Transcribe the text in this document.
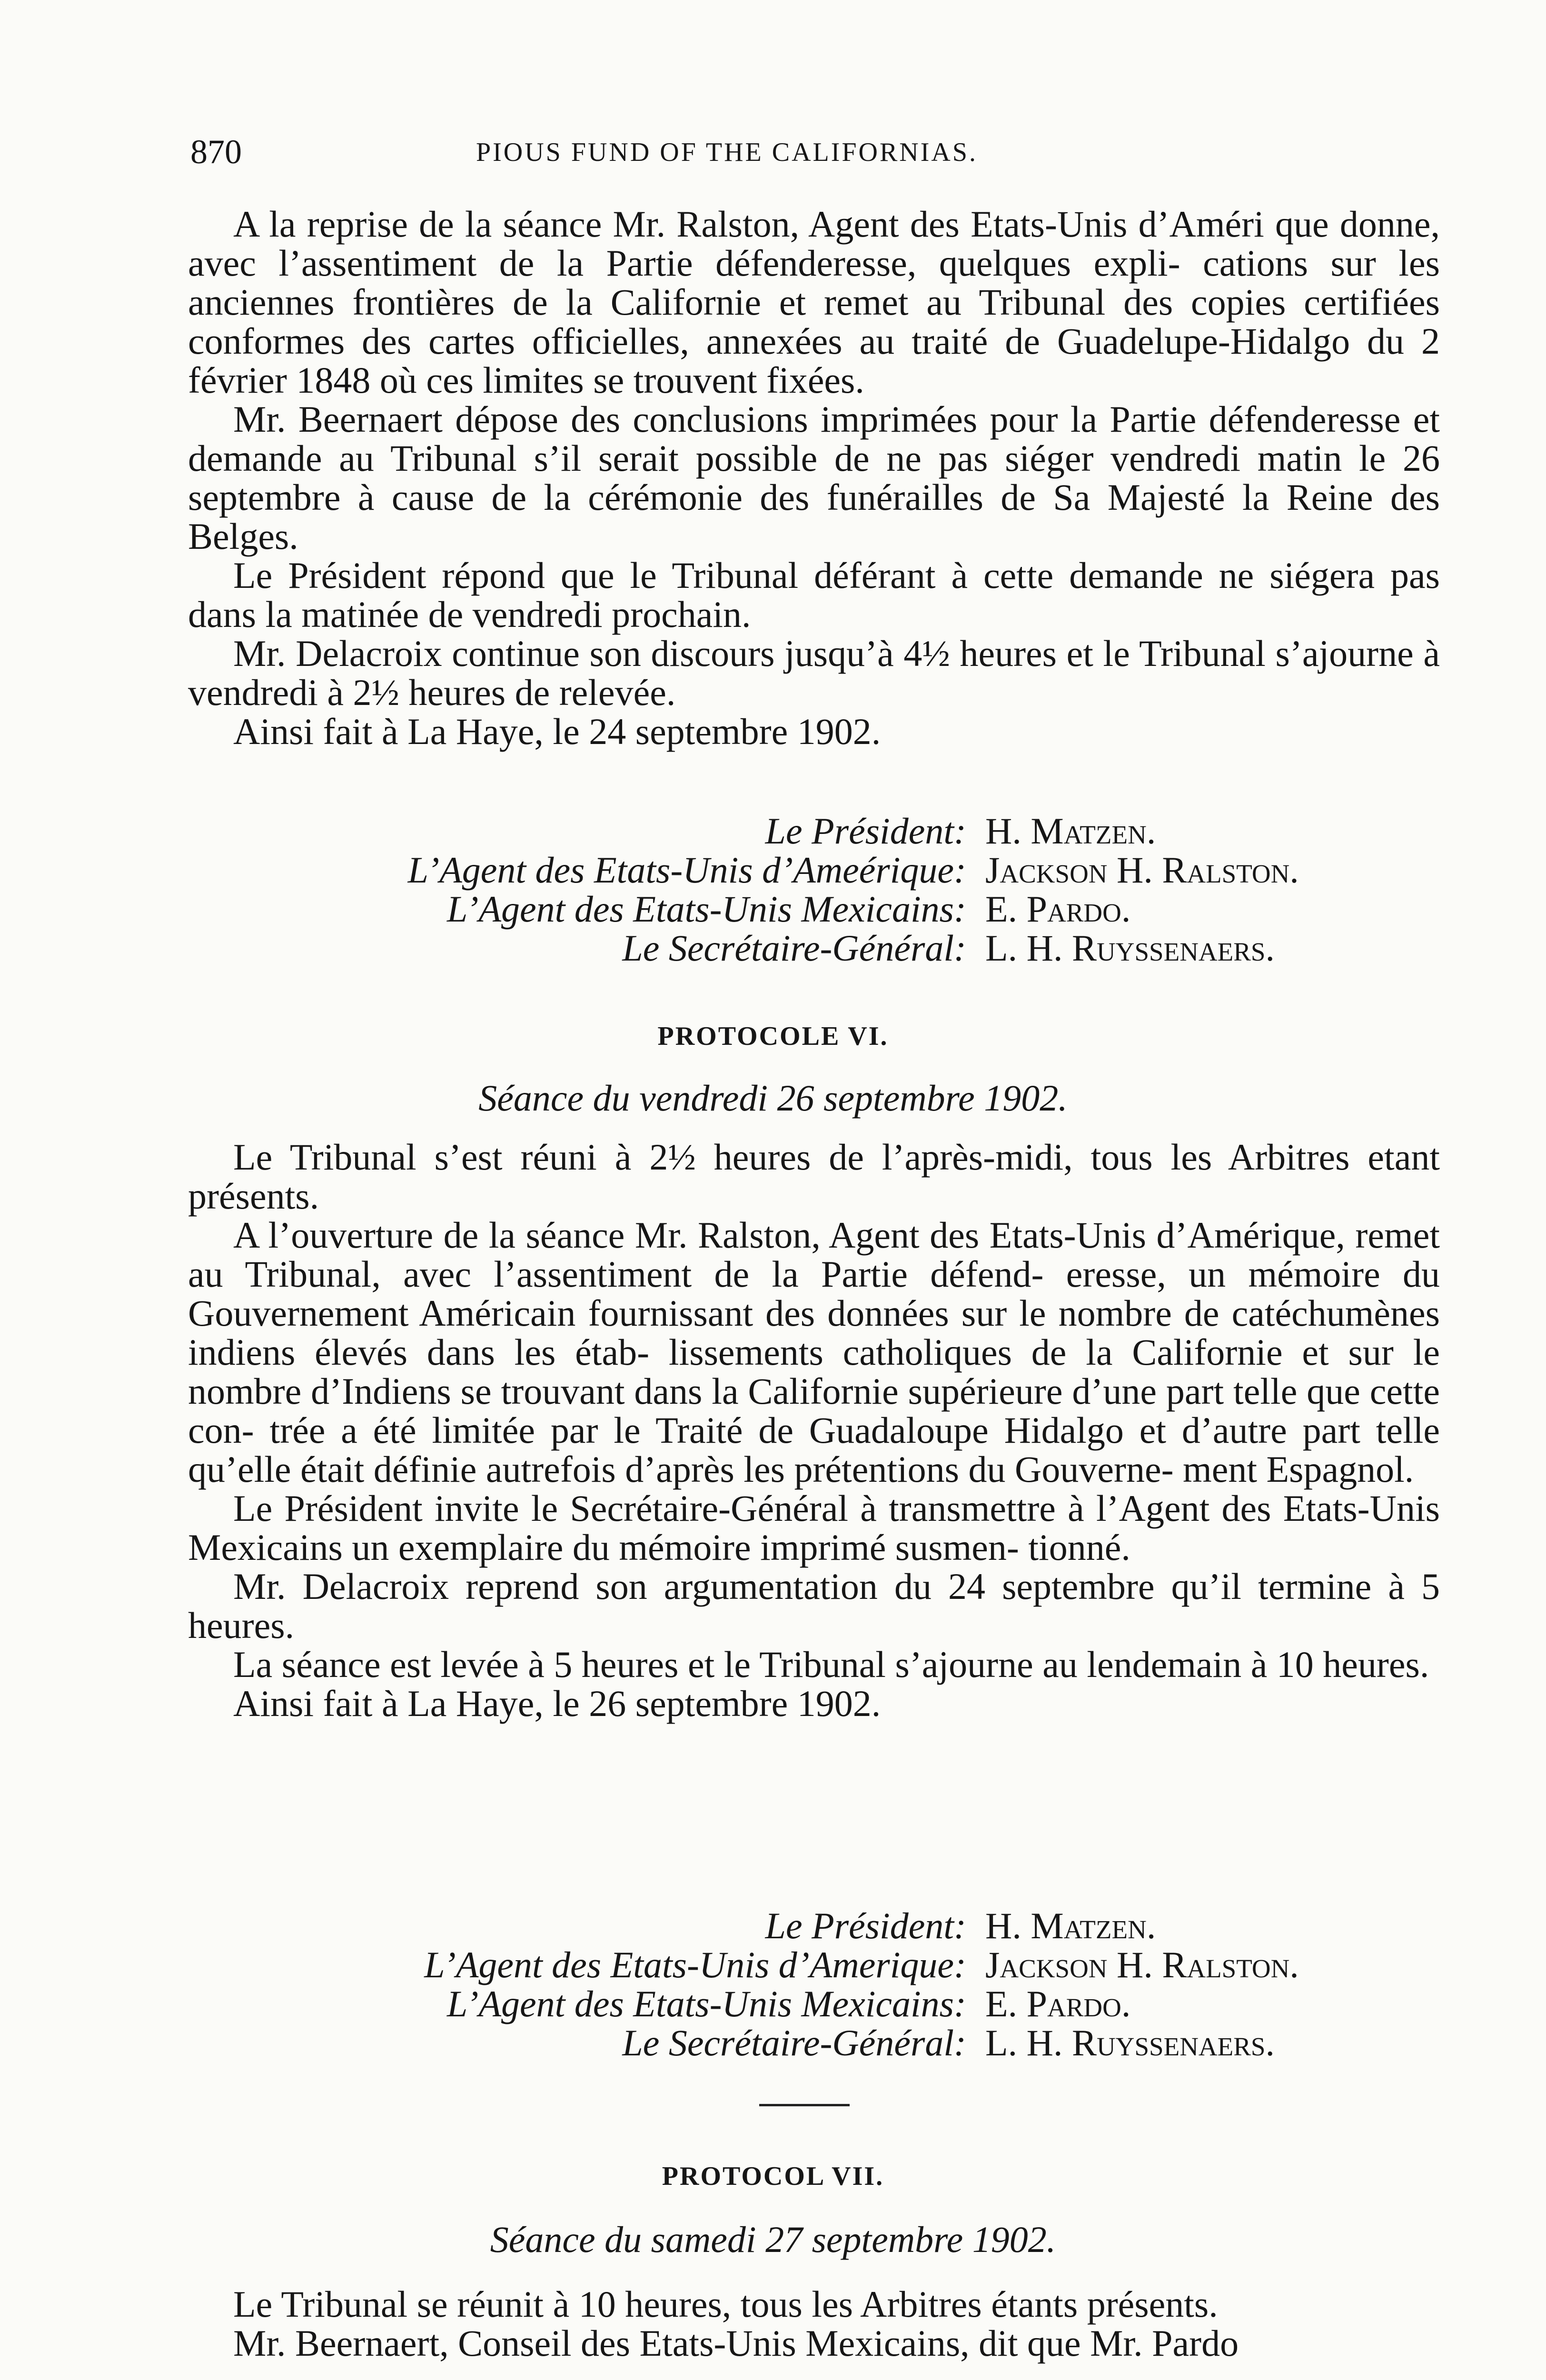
870	PIOUS FUND OF THE CALIFORNIAS.

A la reprise de la séance Mr. Ralston, Agent des Etats-Unis d’Améri que donne, avec l’assentiment de la Partie défenderesse, quelques expli- cations sur les anciennes frontières de la Californie et remet au Tribunal des copies certifiées conformes des cartes officielles, annexées au traité de Guadelupe-Hidalgo du 2 février 1848 où ces limites se trouvent fixées.

Mr. Beernaert dépose des conclusions imprimées pour la Partie défenderesse et demande au Tribunal s’il serait possible de ne pas siéger vendredi matin le 26 septembre à cause de la cérémonie des funérailles de Sa Majesté la Reine des Belges.

Le Président répond que le Tribunal déférant à cette demande ne siégera pas dans la matinée de vendredi prochain.

Mr. Delacroix continue son discours jusqu’à 4½ heures et le Tribunal s’ajourne à vendredi à 2½ heures de relevée.

Ainsi fait à La Haye, le 24 septembre 1902.

Le Président: H. Matzen.
L’Agent des Etats-Unis d’Ameérique: Jackson H. Ralston.
L’Agent des Etats-Unis Mexicains: E. Pardo.
Le Secrétaire-Général: L. H. Ruyssenaers.
PROTOCOLE VI.
Séance du vendredi 26 septembre 1902.

Le Tribunal s’est réuni à 2½ heures de l’après-midi, tous les Arbitres etant présents.

A l’ouverture de la séance Mr. Ralston, Agent des Etats-Unis d’Amérique, remet au Tribunal, avec l’assentiment de la Partie défend- eresse, un mémoire du Gouvernement Américain fournissant des données sur le nombre de catéchumènes indiens élevés dans les étab- lissements catholiques de la Californie et sur le nombre d’Indiens se trouvant dans la Californie supérieure d’une part telle que cette con- trée a été limitée par le Traité de Guadaloupe Hidalgo et d’autre part telle qu’elle était définie autrefois d’après les prétentions du Gouverne- ment Espagnol.

Le Président invite le Secrétaire-Général à transmettre à l’Agent des Etats-Unis Mexicains un exemplaire du mémoire imprimé susmen- tionné.

Mr. Delacroix reprend son argumentation du 24 septembre qu’il termine à 5 heures.

La séance est levée à 5 heures et le Tribunal s’ajourne au lendemain à 10 heures.

Ainsi fait à La Haye, le 26 septembre 1902.

Le Président: H. Matzen.
L’Agent des Etats-Unis d’Amerique: Jackson H. Ralston.
L’Agent des Etats-Unis Mexicains: E. Pardo.
Le Secrétaire-Général: L. H. Ruyssenaers.
PROTOCOL VII.
Séance du samedi 27 septembre 1902.

Le Tribunal se réunit à 10 heures, tous les Arbitres étants présents.

Mr. Beernaert, Conseil des Etats-Unis Mexicains, dit que Mr. Pardo
